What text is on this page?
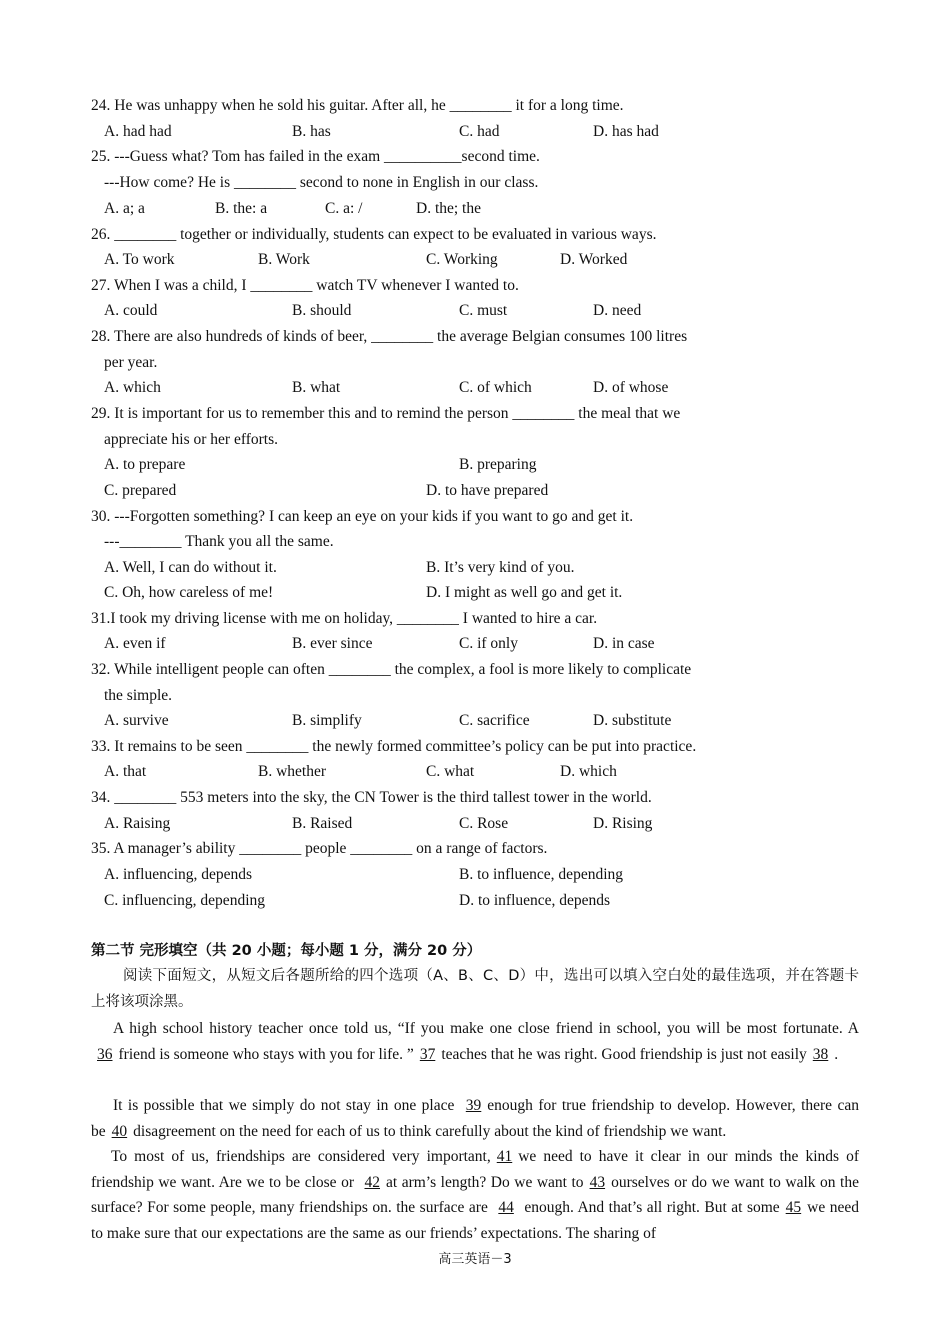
24. He was unhappy when he sold his guitar. After all, he ________ it for a long time.
A. had had	B. has	C. had	D. has had
25. ---Guess what? Tom has failed in the exam __________second time.
---How come? He is ________ second to none in English in our class.
A. a; a	B. the: a	C. a: /	D. the; the
26. ________ together or individually, students can expect to be evaluated in various ways.
A. To work	B. Work	C. Working	D. Worked
27. When I was a child, I ________ watch TV whenever I wanted to.
A. could	B. should	C. must	D. need
28. There are also hundreds of kinds of beer, ________ the average Belgian consumes 100 litres
per year.
A. which	B. what	C. of which	D. of whose
29. It is important for us to remember this and to remind the person ________ the meal that we
appreciate his or her efforts.
A. to prepare	B. preparing
C. prepared	D. to have prepared
30. ---Forgotten something? I can keep an eye on your kids if you want to go and get it.
---________ Thank you all the same.
A. Well, I can do without it.	B. It’s very kind of you.
C. Oh, how careless of me!	D. I might as well go and get it.
31.I took my driving license with me on holiday, ________ I wanted to hire a car.
A. even if	B. ever since	C. if only	D. in case
32. While intelligent people can often ________ the complex, a fool is more likely to complicate
the simple.
A. survive	B. simplify	C. sacrifice	D. substitute
33. It remains to be seen ________ the newly formed committee’s policy can be put into practice.
A. that	B. whether	C. what	D. which
34. ________ 553 meters into the sky, the CN Tower is the third tallest tower in the world.
A. Raising	B. Raised	C. Rose	D. Rising
35. A manager’s ability ________ people ________ on a range of factors.
A. influencing, depends	B. to influence, depending
C. influencing, depending	D. to influence, depends
第二节 完形填空（共 20 小题；每小题 1 分，满分 20 分）
阅读下面短文，从短文后各题所给的四个选项（A、B、C、D）中，选出可以填入空白处的最佳选项，并在答题卡上将该项涂黑。
A high school history teacher once told us, “If you make one close friend in school, you will be most fortunate. A 36 friend is someone who stays with you for life. ” 37 teaches that he was right. Good friendship is just not easily 38 .
It is possible that we simply do not stay in one place 39 enough for true friendship to develop. However, there can be 40 disagreement on the need for each of us to think carefully about the kind of friendship we want.
To most of us, friendships are considered very important, 41 we need to have it clear in our minds the kinds of friendship we want. Are we to be close or 42 at arm’s length? Do we want to 43 ourselves or do we want to walk on the surface? For some people, many friendships on. the surface are 44 enough. And that’s all right. But at some 45 we need to make sure that our expectations are the same as our friends’ expectations. The sharing of
高三英语－3
